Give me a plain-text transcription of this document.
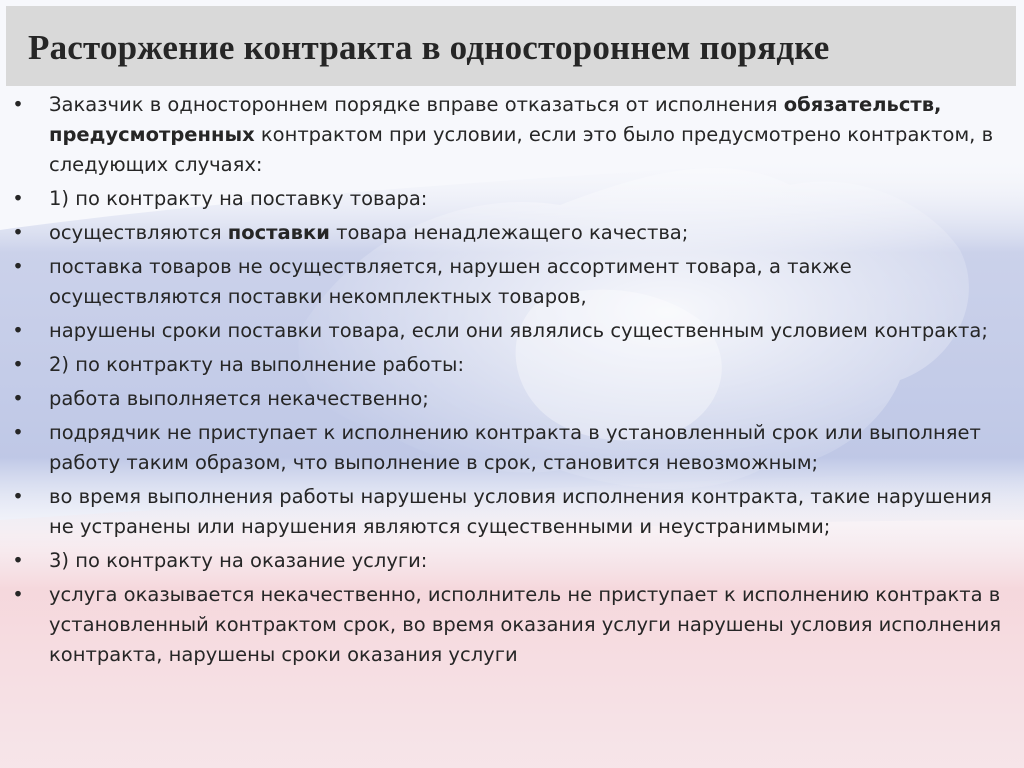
Расторжение контракта в одностороннем порядке
• Заказчик в одностороннем порядке вправе отказаться от исполнения обязательств, предусмотренных контрактом при условии, если это было предусмотрено контрактом, в следующих случаях:
• 1) по контракту на поставку товара:
• осуществляются поставки товара ненадлежащего качества;
• поставка товаров не осуществляется, нарушен ассортимент товара, а также осуществляются поставки некомплектных товаров,
• нарушены сроки поставки товара, если они являлись существенным условием контракта;
• 2) по контракту на выполнение работы:
• работа выполняется некачественно;
• подрядчик не приступает к исполнению контракта в установленный срок или выполняет работу таким образом, что выполнение в срок, становится невозможным;
• во время выполнения работы нарушены условия исполнения контракта, такие нарушения не устранены или нарушения являются существенными и неустранимыми;
• 3) по контракту на оказание услуги:
• услуга оказывается некачественно, исполнитель не приступает к исполнению контракта в установленный контрактом срок, во время оказания услуги нарушены условия исполнения контракта, нарушены сроки оказания услуги
